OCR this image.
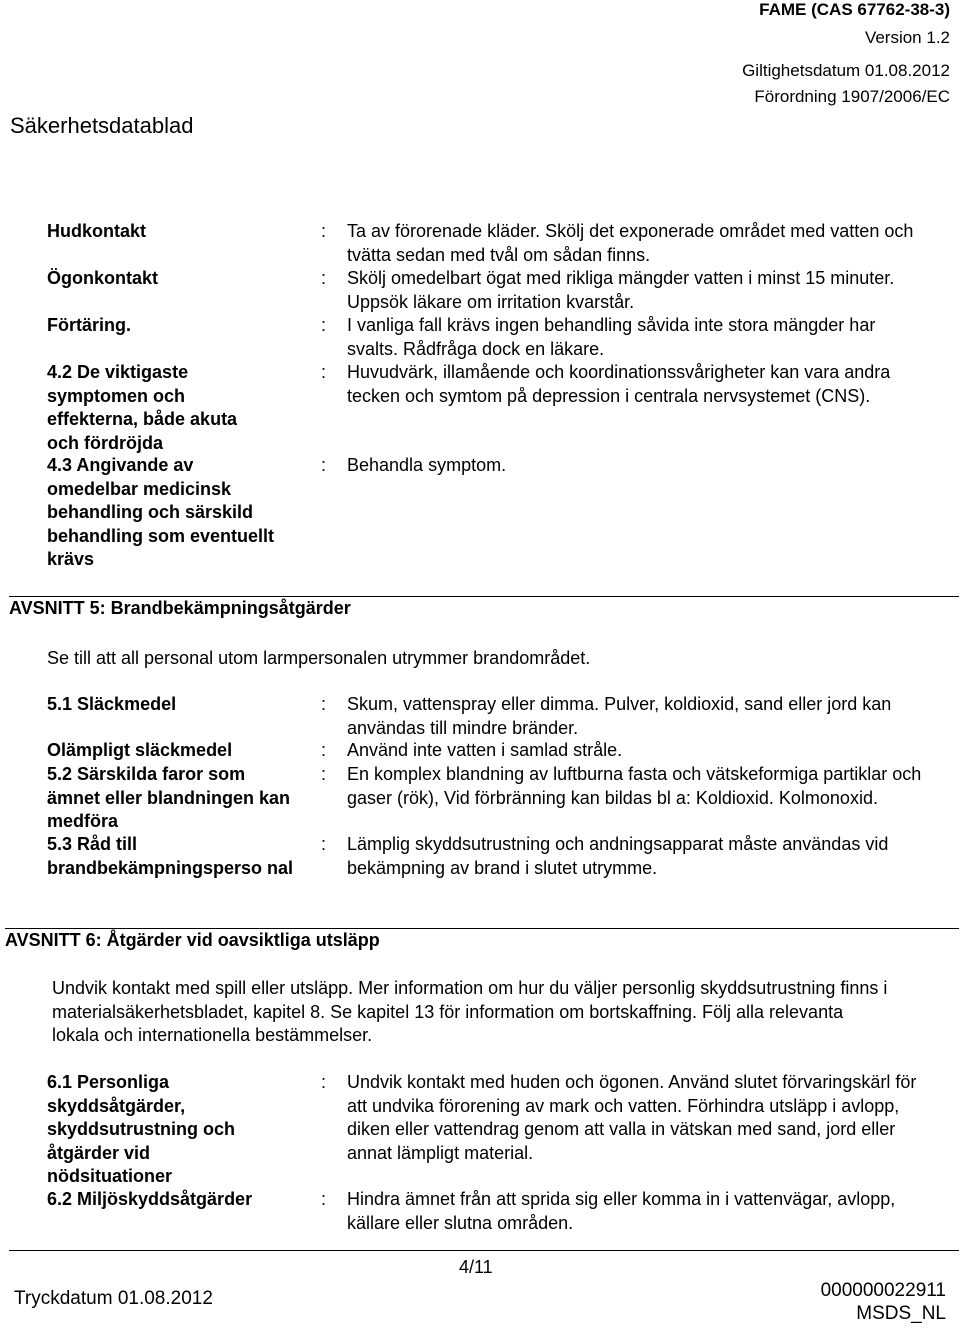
FAME (CAS 67762-38-3)
Version 1.2
Giltighetsdatum 01.08.2012
Förordning 1907/2006/EC
Säkerhetsdatablad
Hudkontakt	: Ta av förorenade kläder. Skölj det exponerade området med vatten och tvätta sedan med tvål om sådan finns.
Ögonkontakt	: Skölj omedelbart ögat med rikliga mängder vatten i minst 15 minuter. Uppsök läkare om irritation kvarstår.
Förtäring.	: I vanliga fall krävs ingen behandling såvida inte stora mängder har svalts. Rådfråga dock en läkare.
4.2 De viktigaste symptomen och effekterna, både akuta och fördröjda
: Huvudvärk, illamående och koordinationssvårigheter kan vara andra tecken och symtom på depression i centrala nervsystemet (CNS).
4.3 Angivande av omedelbar medicinsk behandling och särskild behandling som eventuellt krävs
: Behandla symptom.
AVSNITT 5: Brandbekämpningsåtgärder
Se till att all personal utom larmpersonalen utrymmer brandområdet.
5.1 Släckmedel	: Skum, vattenspray eller dimma. Pulver, koldioxid, sand eller jord kan användas till mindre bränder.
Olämpligt släckmedel	: Använd inte vatten i samlad stråle.
5.2 Särskilda faror som ämnet eller blandningen kan medföra
: En komplex blandning av luftburna fasta och vätskeformiga partiklar och gaser (rök), Vid förbränning kan bildas bl a: Koldioxid. Kolmonoxid.
5.3 Råd till brandbekämpningsperso nal
: Lämplig skyddsutrustning och andningsapparat måste användas vid bekämpning av brand i slutet utrymme.
AVSNITT 6: Åtgärder vid oavsiktliga utsläpp
Undvik kontakt med spill eller utsläpp. Mer information om hur du väljer personlig skyddsutrustning finns i materialsäkerhetsbladet, kapitel 8. Se kapitel 13 för information om bortskaffning. Följ alla relevanta lokala och internationella bestämmelser.
6.1 Personliga skyddsåtgärder, skyddsutrustning och åtgärder vid nödsituationer
: Undvik kontakt med huden och ögonen. Använd slutet förvaringskärl för att undvika förorening av mark och vatten. Förhindra utsläpp i avlopp, diken eller vattendrag genom att valla in vätskan med sand, jord eller annat lämpligt material.
6.2 Miljöskyddsåtgärder	: Hindra ämnet från att sprida sig eller komma in i vattenvägar, avlopp, källare eller slutna områden.
4/11
Tryckdatum 01.08.2012	000000022911
MSDS_NL
